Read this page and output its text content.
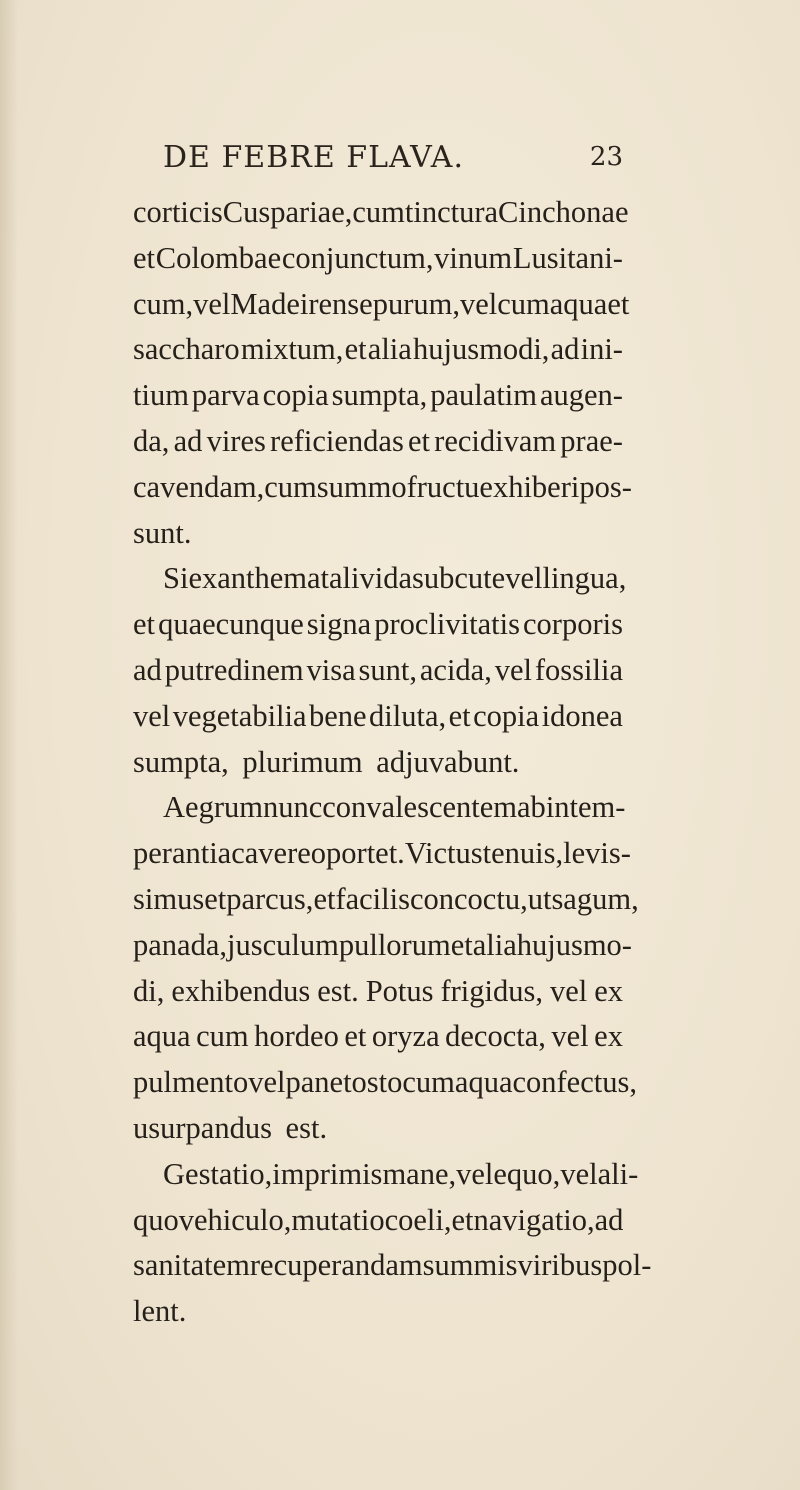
DE FEBRE FLAVA.	23
corticis Cuspariae, cum tinctura Cinchonae
et Colombae conjunctum, vinum Lusitani-
cum, vel Madeirense purum, vel cum aqua et
saccharo mixtum, et alia hujusmodi, ad ini-
tium parva copia sumpta, paulatim augen-
da, ad vires reficiendas et recidivam prae-
cavendam, cum summo fructu exhiberi pos-
sunt.
Si exanthemata livida sub cute vel lingua,
et quaecunque signa proclivitatis corporis
ad putredinem visa sunt, acida, vel fossilia
vel vegetabilia bene diluta, et copia idonea
sumpta, plurimum adjuvabunt.
Aegrum nunc convalescentem ab intem-
perantia cavere oportet. Victus tenuis, levis-
simus et parcus, et facilis concoctu, ut sagum,
panada, jusculum pullorum et alia hujusmo-
di, exhibendus est. Potus frigidus, vel ex
aqua cum hordeo et oryza decocta, vel ex
pulmento vel pane tosto cum aqua confectus,
usurpandus est.
Gestatio, imprimis mane, vel equo, vel ali-
quo vehiculo, mutatio coeli, et navigatio, ad
sanitatem recuperandam summis viribus pol-
lent.
